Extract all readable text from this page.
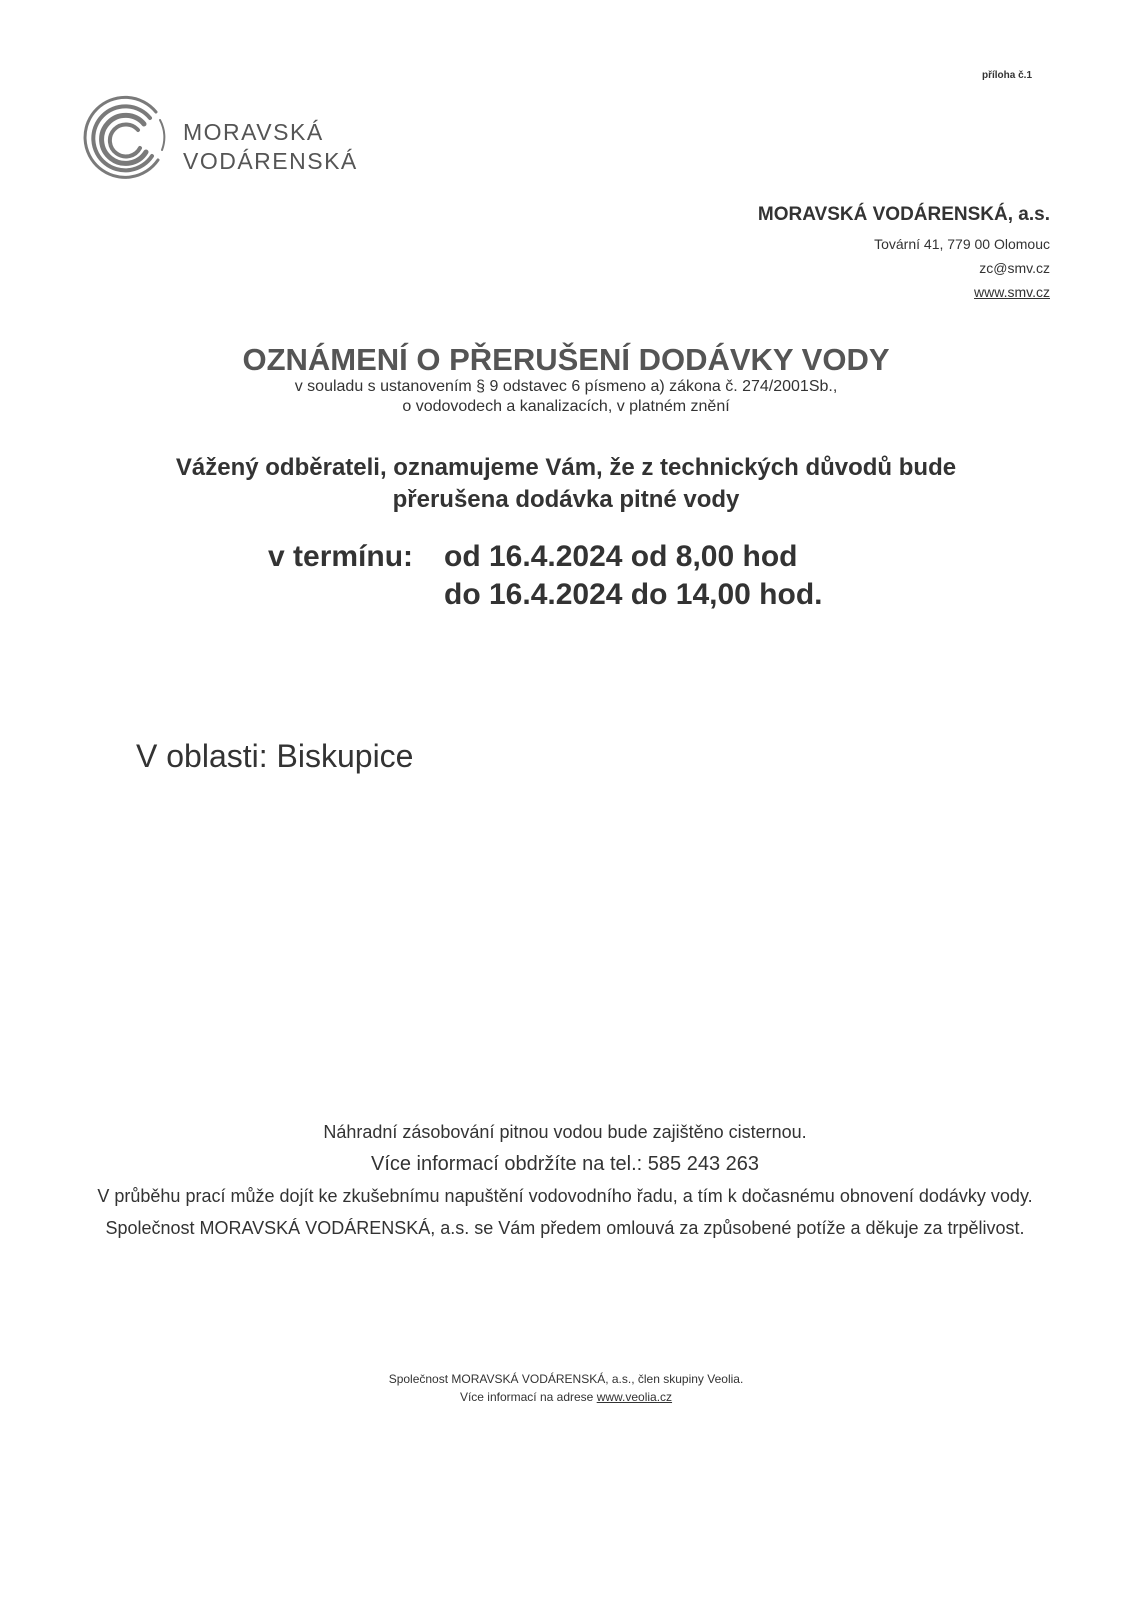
příloha č.1
MORAVSKÁ
VODÁRENSKÁ
MORAVSKÁ VODÁRENSKÁ, a.s.
Tovární 41, 779 00 Olomouc
zc@smv.cz
www.smv.cz
OZNÁMENÍ O PŘERUŠENÍ DODÁVKY VODY
v souladu s ustanovením § 9 odstavec 6 písmeno a) zákona č. 274/2001Sb.,
o vodovodech a kanalizacích, v platném znění
Vážený odběrateli, oznamujeme Vám, že z technických důvodů bude
přerušena dodávka pitné vody
v termínu: od 16.4.2024 od 8,00 hod
do 16.4.2024 do 14,00 hod.
V oblasti: Biskupice

Náhradní zásobování pitnou vodou bude zajištěno cisternou.

Více informací obdržíte na tel.: 585 243 263

V průběhu prací může dojít ke zkušebnímu napuštění vodovodního řadu, a tím k dočasnému obnovení dodávky vody.

Společnost MORAVSKÁ VODÁRENSKÁ, a.s. se Vám předem omlouvá za způsobené potíže a děkuje za trpělivost.

Společnost MORAVSKÁ VODÁRENSKÁ, a.s., člen skupiny Veolia.
Více informací na adrese www.veolia.cz
